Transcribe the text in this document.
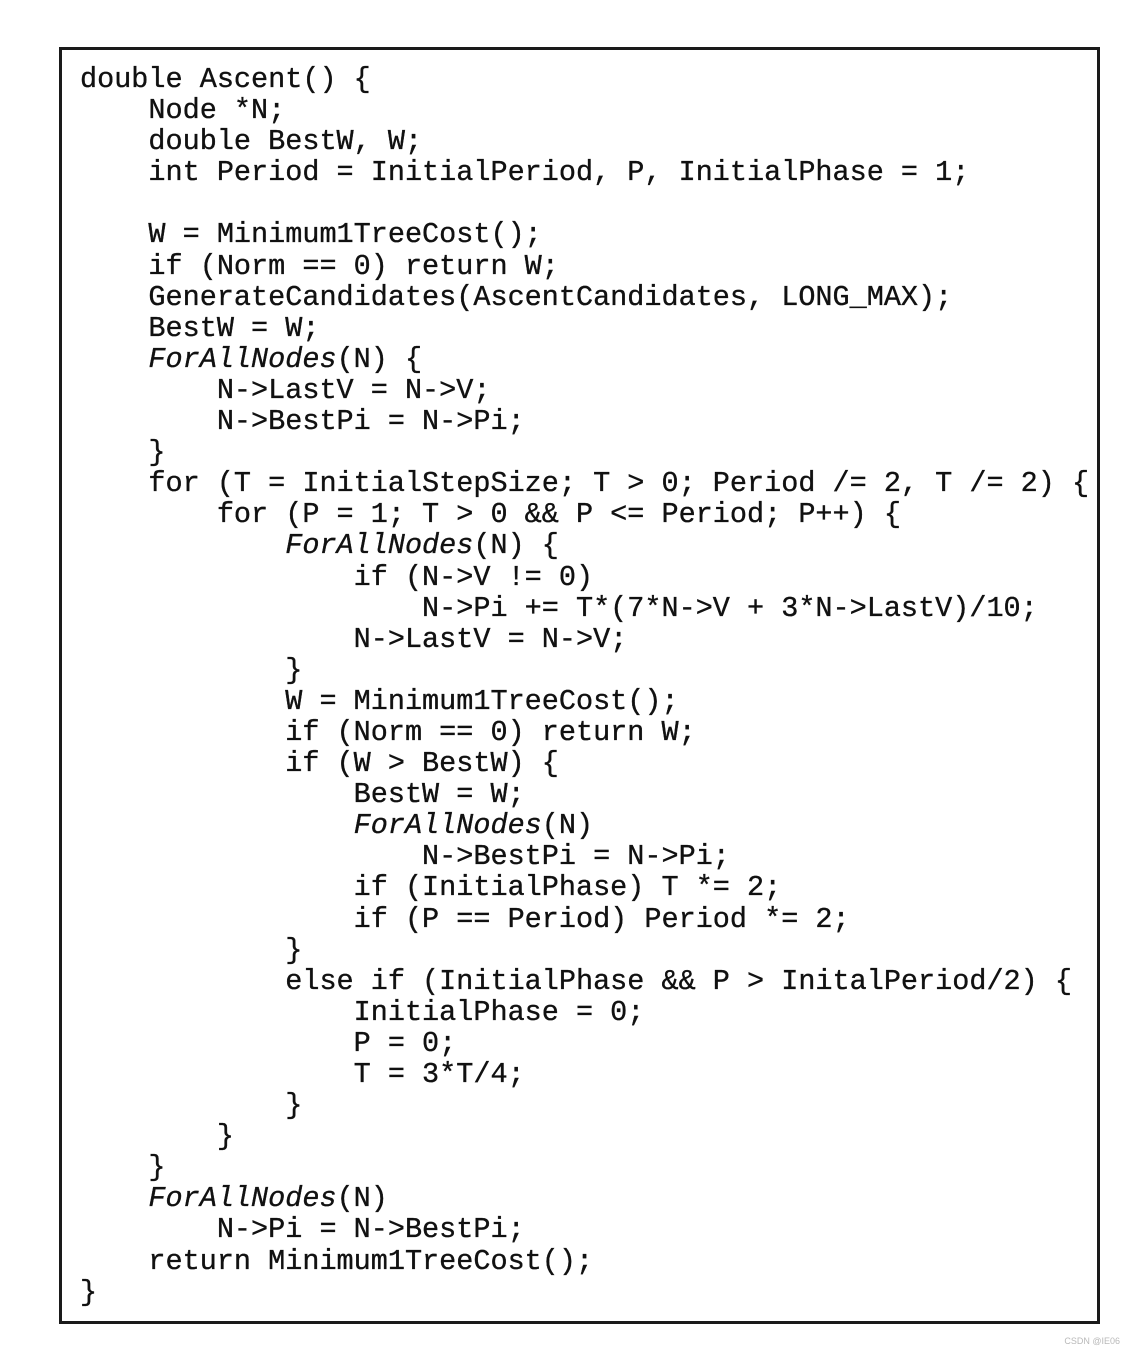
double Ascent() {
Node *N;
double BestW, W;
int Period = InitialPeriod, P, InitialPhase = 1;
W = Minimum1TreeCost();
if (Norm == 0) return W;
GenerateCandidates(AscentCandidates, LONG_MAX);
BestW = W;
ForAllNodes(N) {
N->LastV = N->V;
N->BestPi = N->Pi;
}
for (T = InitialStepSize; T > 0; Period /= 2, T /= 2) {
for (P = 1; T > 0 && P <= Period; P++) {
ForAllNodes(N) {
if (N->V != 0)
N->Pi += T*(7*N->V + 3*N->LastV)/10;
N->LastV = N->V;
}
W = Minimum1TreeCost();
if (Norm == 0) return W;
if (W > BestW) {
BestW = W;
ForAllNodes(N)
N->BestPi = N->Pi;
if (InitialPhase) T *= 2;
if (P == Period) Period *= 2;
}
else if (InitialPhase && P > InitalPeriod/2) {
InitialPhase = 0;
P = 0;
T = 3*T/4;
}
}
}
ForAllNodes(N)
N->Pi = N->BestPi;
return Minimum1TreeCost();
}
CSDN @IE06
